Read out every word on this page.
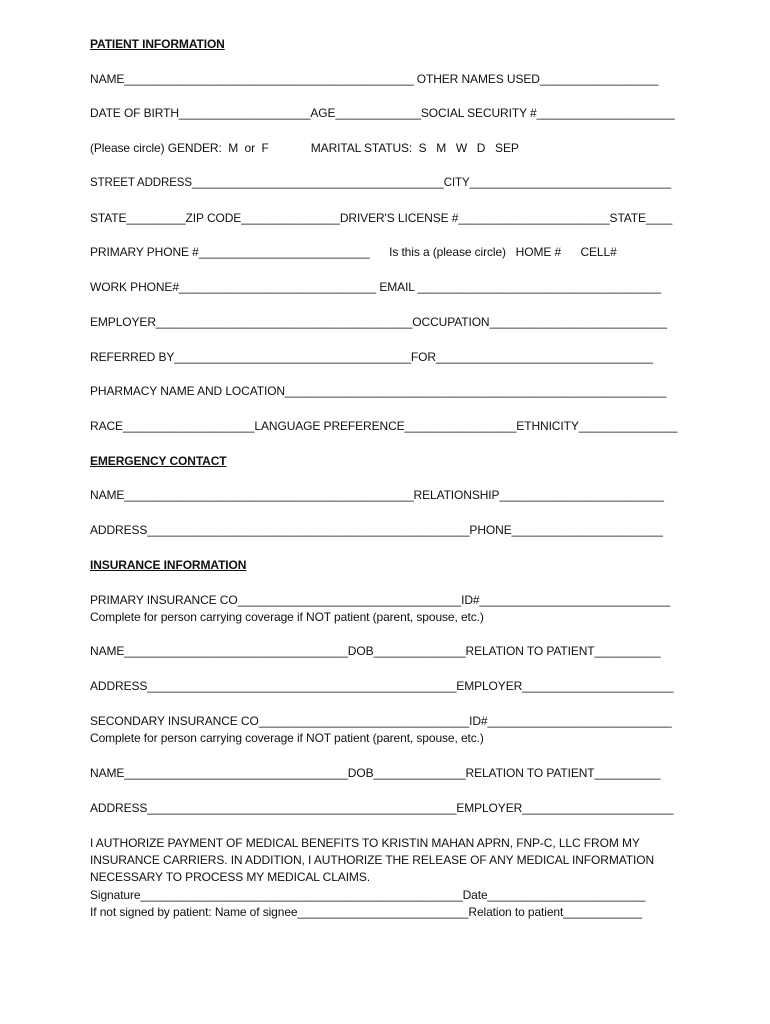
PATIENT INFORMATION
NAME____________________________________________ OTHER NAMES USED__________________
DATE OF BIRTH____________________AGE_____________SOCIAL SECURITY #_____________________
(Please circle) GENDER:  M  or  F             MARITAL STATUS:  S   M   W   D   SEP
STREET ADDRESS________________________________________CITY________________________________
STATE_________ZIP CODE_______________DRIVER'S LICENSE #_______________________STATE____
PRIMARY PHONE #__________________________      Is this a (please circle)   HOME #      CELL#
WORK PHONE#______________________________ EMAIL _____________________________________
EMPLOYER_______________________________________OCCUPATION___________________________
REFERRED BY____________________________________FOR_________________________________
PHARMACY NAME AND LOCATION__________________________________________________________
RACE____________________LANGUAGE PREFERENCE_________________ETHNICITY_______________
EMERGENCY CONTACT
NAME____________________________________________RELATIONSHIP_________________________
ADDRESS_________________________________________________PHONE_______________________
INSURANCE INFORMATION
PRIMARY INSURANCE CO__________________________________ID#_____________________________
Complete for person carrying coverage if NOT patient (parent, spouse, etc.)
NAME__________________________________DOB______________RELATION TO PATIENT__________
ADDRESS_______________________________________________EMPLOYER_______________________
SECONDARY INSURANCE CO________________________________ID#____________________________
Complete for person carrying coverage if NOT patient (parent, spouse, etc.)
NAME__________________________________DOB______________RELATION TO PATIENT__________
ADDRESS_______________________________________________EMPLOYER_______________________
I AUTHORIZE PAYMENT OF MEDICAL BENEFITS TO KRISTIN MAHAN APRN, FNP-C, LLC FROM MY
INSURANCE CARRIERS. IN ADDITION, I AUTHORIZE THE RELEASE OF ANY MEDICAL INFORMATION
NECESSARY TO PROCESS MY MEDICAL CLAIMS.
Signature_________________________________________________Date________________________
If not signed by patient: Name of signee__________________________Relation to patient____________
